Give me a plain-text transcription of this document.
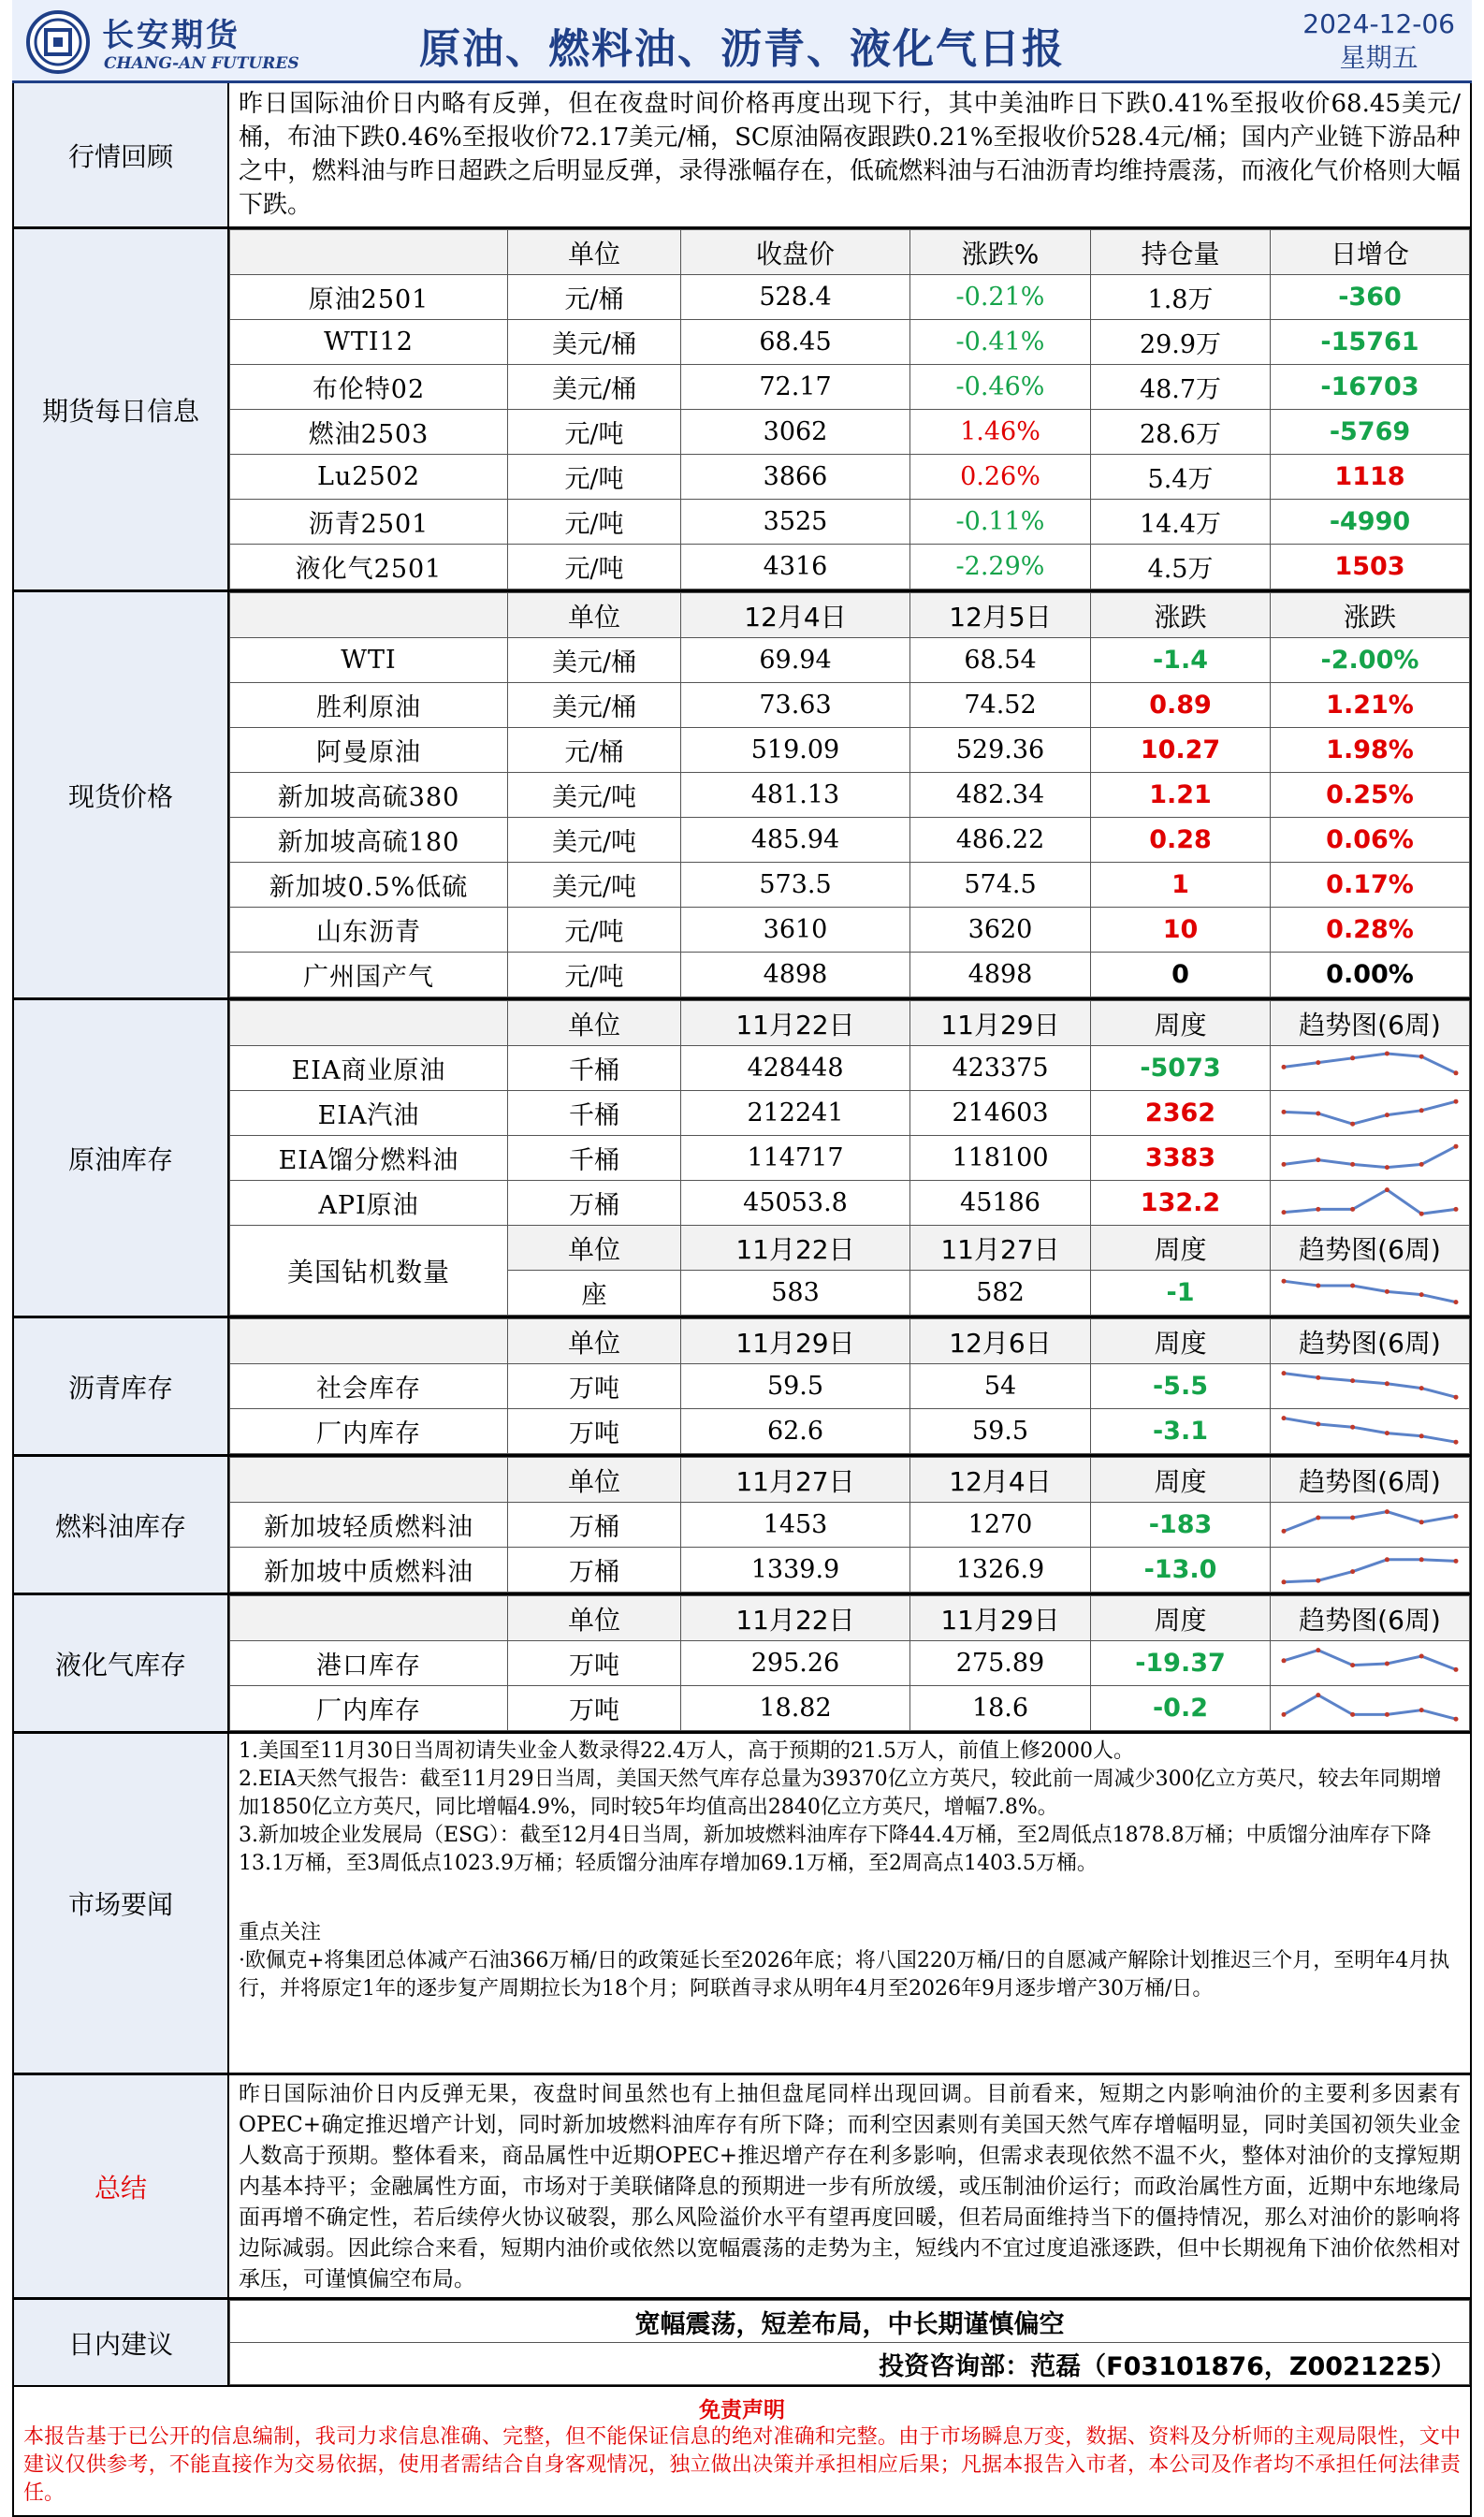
长安期货
CHANG-AN FUTURES	原油、燃料油、沥青、液化气日报
2024-12-06
星期五
行情回顾
昨日国际油价日内略有反弹，但在夜盘时间价格再度出现下行，其中美油昨日下跌0.41%至报收价68.45美元/桶，布油下跌0.46%至报收价72.17美元/桶，SC原油隔夜跟跌0.21%至报收价528.4元/桶；国内产业链下游品种之中，燃料油与昨日超跌之后明显反弹，录得涨幅存在，低硫燃料油与石油沥青均维持震荡，而液化气价格则大幅下跌。
期货每日信息
	单位	收盘价	涨跌%	持仓量	日增仓
原油2501	元/桶	528.4	-0.21%	1.8万	-360
WTI12	美元/桶	68.45	-0.41%	29.9万	-15761
布伦特02	美元/桶	72.17	-0.46%	48.7万	-16703
燃油2503	元/吨	3062	1.46%	28.6万	-5769
Lu2502	元/吨	3866	0.26%	5.4万	1118
沥青2501	元/吨	3525	-0.11%	14.4万	-4990
液化气2501	元/吨	4316	-2.29%	4.5万	1503
现货价格
	单位	12月4日	12月5日	涨跌	涨跌
WTI	美元/桶	69.94	68.54	-1.4	-2.00%
胜利原油	美元/桶	73.63	74.52	0.89	1.21%
阿曼原油	元/桶	519.09	529.36	10.27	1.98%
新加坡高硫380	美元/吨	481.13	482.34	1.21	0.25%
新加坡高硫180	美元/吨	485.94	486.22	0.28	0.06%
新加坡0.5%低硫	美元/吨	573.5	574.5	1	0.17%
山东沥青	元/吨	3610	3620	10	0.28%
广州国产气	元/吨	4898	4898	0	0.00%
原油库存
	单位	11月22日	11月29日	周度	趋势图(6周)
EIA商业原油	千桶	428448	423375	-5073	

EIA汽油	千桶	212241	214603	2362	

EIA馏分燃料油	千桶	114717	118100	3383	

API原油	万桶	45053.8	45186	132.2	

美国钻机数量	单位	11月22日	11月27日	周度	趋势图(6周)
	座	583	582	-1	
沥青库存
	单位	11月29日	12月6日	周度	趋势图(6周)
社会库存	万吨	59.5	54	-5.5	

厂内库存	万吨	62.6	59.5	-3.1	
燃料油库存
	单位	11月27日	12月4日	周度	趋势图(6周)
新加坡轻质燃料油	万桶	1453	1270	-183	

新加坡中质燃料油	万桶	1339.9	1326.9	-13.0	
液化气库存
	单位	11月22日	11月29日	周度	趋势图(6周)
港口库存	万吨	295.26	275.89	-19.37	

厂内库存	万吨	18.82	18.6	-0.2	
市场要闻

1.美国至11月30日当周初请失业金人数录得22.4万人，高于预期的21.5万人，前值上修2000人。

2.EIA天然气报告：截至11月29日当周，美国天然气库存总量为39370亿立方英尺，较此前一周减少300亿立方英尺，较去年同期增加1850亿立方英尺，同比增幅4.9%，同时较5年均值高出2840亿立方英尺，增幅7.8%。

3.新加坡企业发展局（ESG）：截至12月4日当周，新加坡燃料油库存下降44.4万桶，至2周低点1878.8万桶；中质馏分油库存下降13.1万桶，至3周低点1023.9万桶；轻质馏分油库存增加69.1万桶，至2周高点1403.5万桶。

重点关注

·欧佩克+将集团总体减产石油366万桶/日的政策延长至2026年底；将八国220万桶/日的自愿减产解除计划推迟三个月，至明年4月执行，并将原定1年的逐步复产周期拉长为18个月；阿联酋寻求从明年4月至2026年9月逐步增产30万桶/日。

总结
昨日国际油价日内反弹无果，夜盘时间虽然也有上抽但盘尾同样出现回调。目前看来，短期之内影响油价的主要利多因素有OPEC+确定推迟增产计划，同时新加坡燃料油库存有所下降；而利空因素则有美国天然气库存增幅明显，同时美国初领失业金人数高于预期。整体看来，商品属性中近期OPEC+推迟增产存在利多影响，但需求表现依然不温不火，整体对油价的支撑短期内基本持平；金融属性方面，市场对于美联储降息的预期进一步有所放缓，或压制油价运行；而政治属性方面，近期中东地缘局面再增不确定性，若后续停火协议破裂，那么风险溢价水平有望再度回暖，但若局面维持当下的僵持情况，那么对油价的影响将边际减弱。因此综合来看，短期内油价或依然以宽幅震荡的走势为主，短线内不宜过度追涨逐跌，但中长期视角下油价依然相对承压，可谨慎偏空布局。
日内建议
宽幅震荡，短差布局，中长期谨慎偏空
投资咨询部：范磊（F03101876，Z0021225）
免责声明
本报告基于已公开的信息编制，我司力求信息准确、完整，但不能保证信息的绝对准确和完整。由于市场瞬息万变，数据、资料及分析师的主观局限性，文中建议仅供参考，不能直接作为交易依据，使用者需结合自身客观情况，独立做出决策并承担相应后果；凡据本报告入市者，本公司及作者均不承担任何法律责任。
